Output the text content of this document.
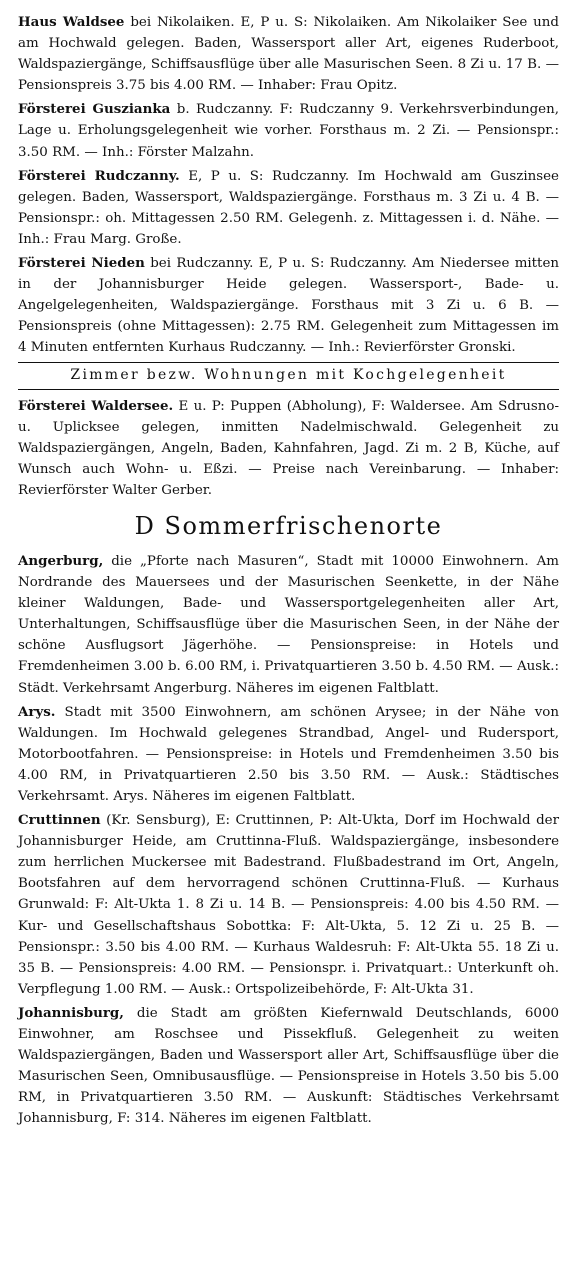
Haus Waldsee bei Nikolaiken. E, P u. S: Nikolaiken. Am Nikolaiker See und am Hochwald gelegen. Baden, Wassersport aller Art, eigenes Ruderboot, Waldspaziergänge, Schiffsausflüge über alle Masurischen Seen. 8 Zi u. 17 B. — Pensionspreis 3.75 bis 4.00 RM. — Inhaber: Frau Opitz.

Försterei Guszianka b. Rudczanny. F: Rudczanny 9. Verkehrsverbindungen, Lage u. Erholungsgelegenheit wie vorher. Forsthaus m. 2 Zi. — Pensionspr.: 3.50 RM. — Inh.: Förster Malzahn.

Försterei Rudczanny. E, P u. S: Rudczanny. Im Hochwald am Guszinsee gelegen. Baden, Wassersport, Waldspaziergänge. Forsthaus m. 3 Zi u. 4 B. — Pensionspr.: oh. Mittagessen 2.50 RM. Gelegenh. z. Mittagessen i. d. Nähe. — Inh.: Frau Marg. Große.

Försterei Nieden bei Rudczanny. E, P u. S: Rudczanny. Am Niedersee mitten in der Johannisburger Heide gelegen. Wassersport-, Bade- u. Angelgelegenheiten, Waldspaziergänge. Forsthaus mit 3 Zi u. 6 B. — Pensionspreis (ohne Mittagessen): 2.75 RM. Gelegenheit zum Mittagessen im 4 Minuten entfernten Kurhaus Rudczanny. — Inh.: Revierförster Gronski.

Zimmer bezw. Wohnungen mit Kochgelegenheit

Försterei Waldersee. E u. P: Puppen (Abholung), F: Waldersee. Am Sdrusno- u. Uplicksee gelegen, inmitten Nadelmischwald. Gelegenheit zu Waldspaziergängen, Angeln, Baden, Kahnfahren, Jagd. Zi m. 2 B, Küche, auf Wunsch auch Wohn- u. Eßzi. — Preise nach Vereinbarung. — Inhaber: Revierförster Walter Gerber.

D Sommerfrischenorte

Angerburg, die „Pforte nach Masuren“, Stadt mit 10000 Einwohnern. Am Nordrande des Mauersees und der Masurischen Seenkette, in der Nähe kleiner Waldungen, Bade- und Wassersportgelegenheiten aller Art, Unterhaltungen, Schiffsausflüge über die Masurischen Seen, in der Nähe der schöne Ausflugsort Jägerhöhe. — Pensionspreise: in Hotels und Fremdenheimen 3.00 b. 6.00 RM, i. Privatquartieren 3.50 b. 4.50 RM. — Ausk.: Städt. Verkehrsamt Angerburg. Näheres im eigenen Faltblatt.

Arys. Stadt mit 3500 Einwohnern, am schönen Arysee; in der Nähe von Waldungen. Im Hochwald gelegenes Strandbad, Angel- und Rudersport, Motorbootfahren. — Pensionspreise: in Hotels und Fremdenheimen 3.50 bis 4.00 RM, in Privatquartieren 2.50 bis 3.50 RM. — Ausk.: Städtisches Verkehrsamt. Arys. Näheres im eigenen Faltblatt.

Cruttinnen (Kr. Sensburg), E: Cruttinnen, P: Alt-Ukta, Dorf im Hochwald der Johannisburger Heide, am Cruttinna-Fluß. Waldspaziergänge, insbesondere zum herrlichen Muckersee mit Badestrand. Flußbadestrand im Ort, Angeln, Bootsfahren auf dem hervorragend schönen Cruttinna-Fluß. — Kurhaus Grunwald: F: Alt-Ukta 1. 8 Zi u. 14 B. — Pensionspreis: 4.00 bis 4.50 RM. — Kur- und Gesellschaftshaus Sobottka: F: Alt-Ukta, 5. 12 Zi u. 25 B. — Pensionspr.: 3.50 bis 4.00 RM. — Kurhaus Waldesruh: F: Alt-Ukta 55. 18 Zi u. 35 B. — Pensionspreis: 4.00 RM. — Pensionspr. i. Privatquart.: Unterkunft oh. Verpflegung 1.00 RM. — Ausk.: Ortspolizeibehörde, F: Alt-Ukta 31.

Johannisburg, die Stadt am größten Kiefernwald Deutschlands, 6000 Einwohner, am Roschsee und Pissekfluß. Gelegenheit zu weiten Waldspaziergängen, Baden und Wassersport aller Art, Schiffsausflüge über die Masurischen Seen, Omnibusausflüge. — Pensionspreise in Hotels 3.50 bis 5.00 RM, in Privatquartieren 3.50 RM. — Auskunft: Städtisches Verkehrsamt Johannisburg, F: 314. Näheres im eigenen Faltblatt.
